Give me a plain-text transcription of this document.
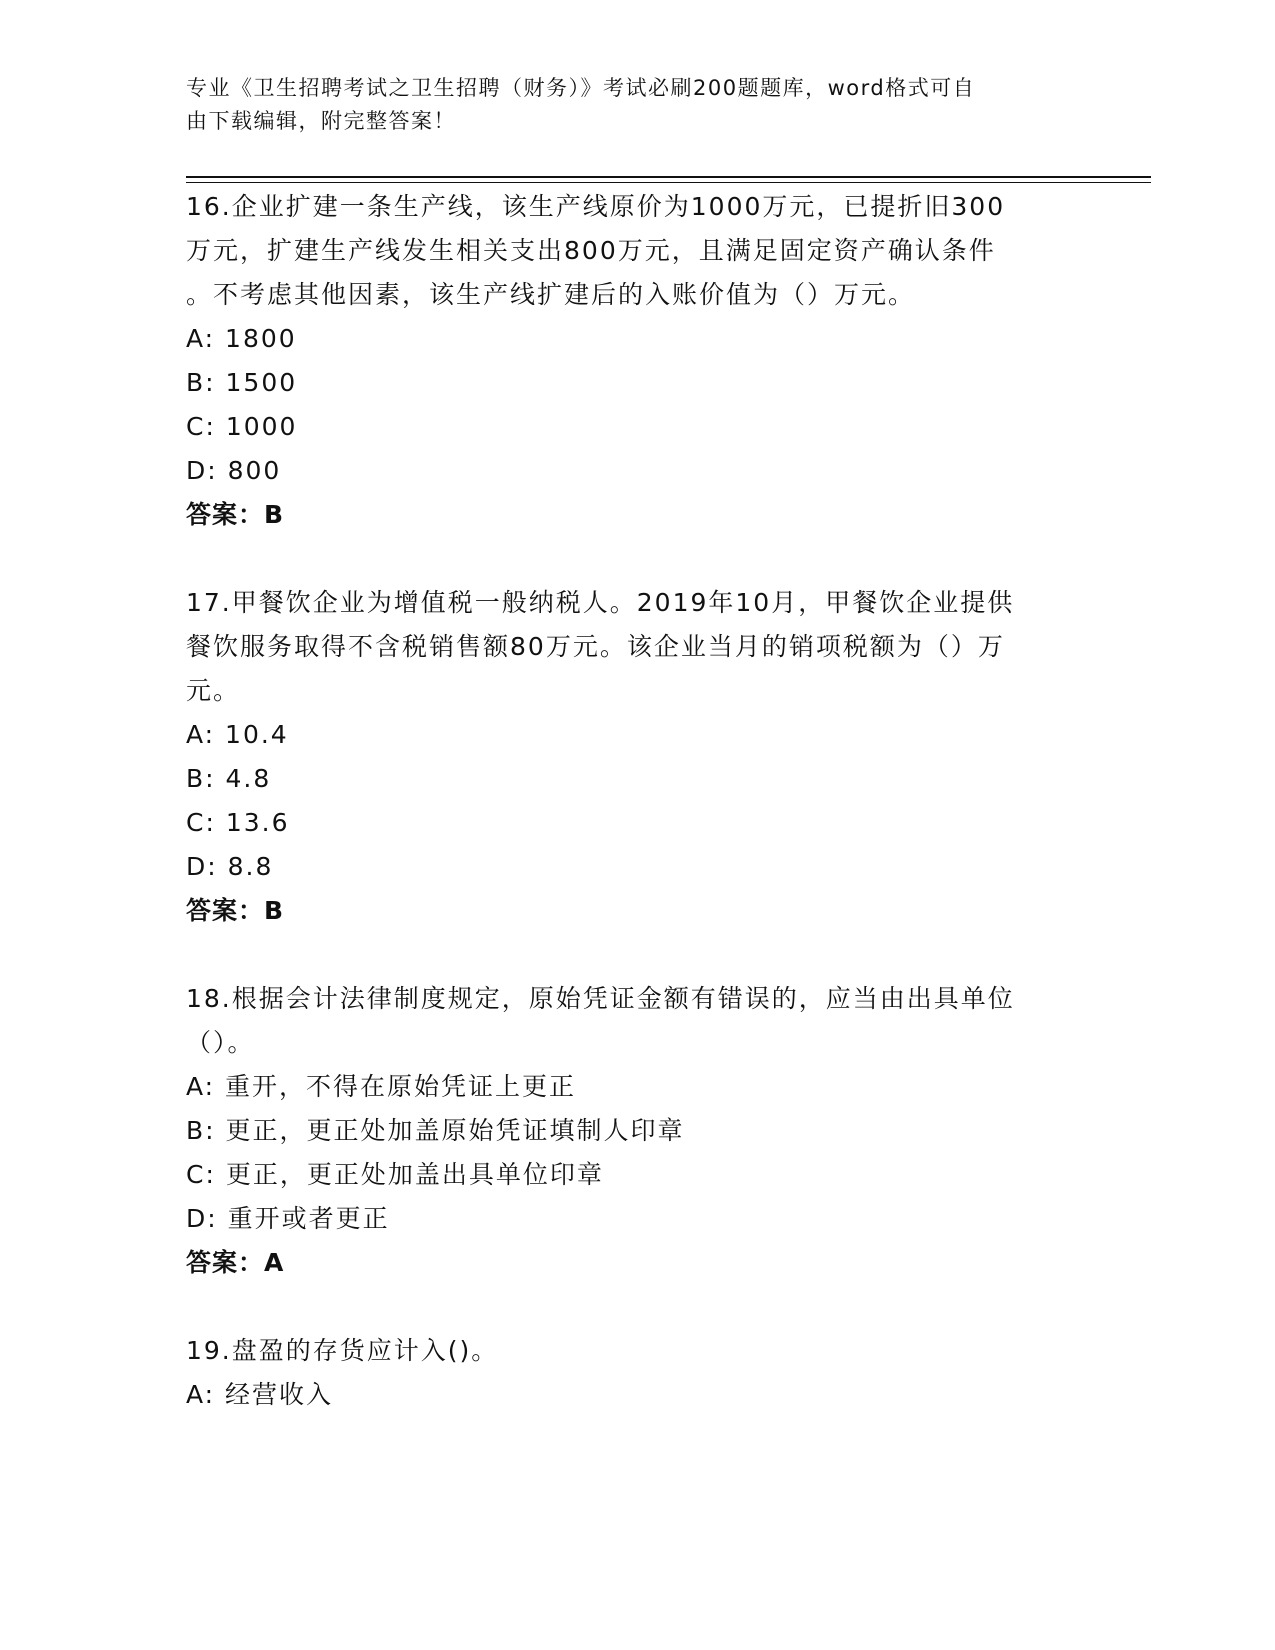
专业《卫生招聘考试之卫生招聘（财务）》考试必刷200题题库，word格式可自
由下载编辑，附完整答案！
16.企业扩建一条生产线，该生产线原价为1000万元，已提折旧300
万元，扩建生产线发生相关支出800万元，且满足固定资产确认条件
。不考虑其他因素，该生产线扩建后的入账价值为（）万元。
A: 1800
B: 1500
C: 1000
D: 800
答案：B
17.甲餐饮企业为增值税一般纳税人。2019年10月，甲餐饮企业提供
餐饮服务取得不含税销售额80万元。该企业当月的销项税额为（）万
元。
A: 10.4
B: 4.8
C: 13.6
D: 8.8
答案：B
18.根据会计法律制度规定，原始凭证金额有错误的，应当由出具单位
（）。
A: 重开，不得在原始凭证上更正
B: 更正，更正处加盖原始凭证填制人印章
C: 更正，更正处加盖出具单位印章
D: 重开或者更正
答案：A
19.盘盈的存货应计入()。
A: 经营收入
